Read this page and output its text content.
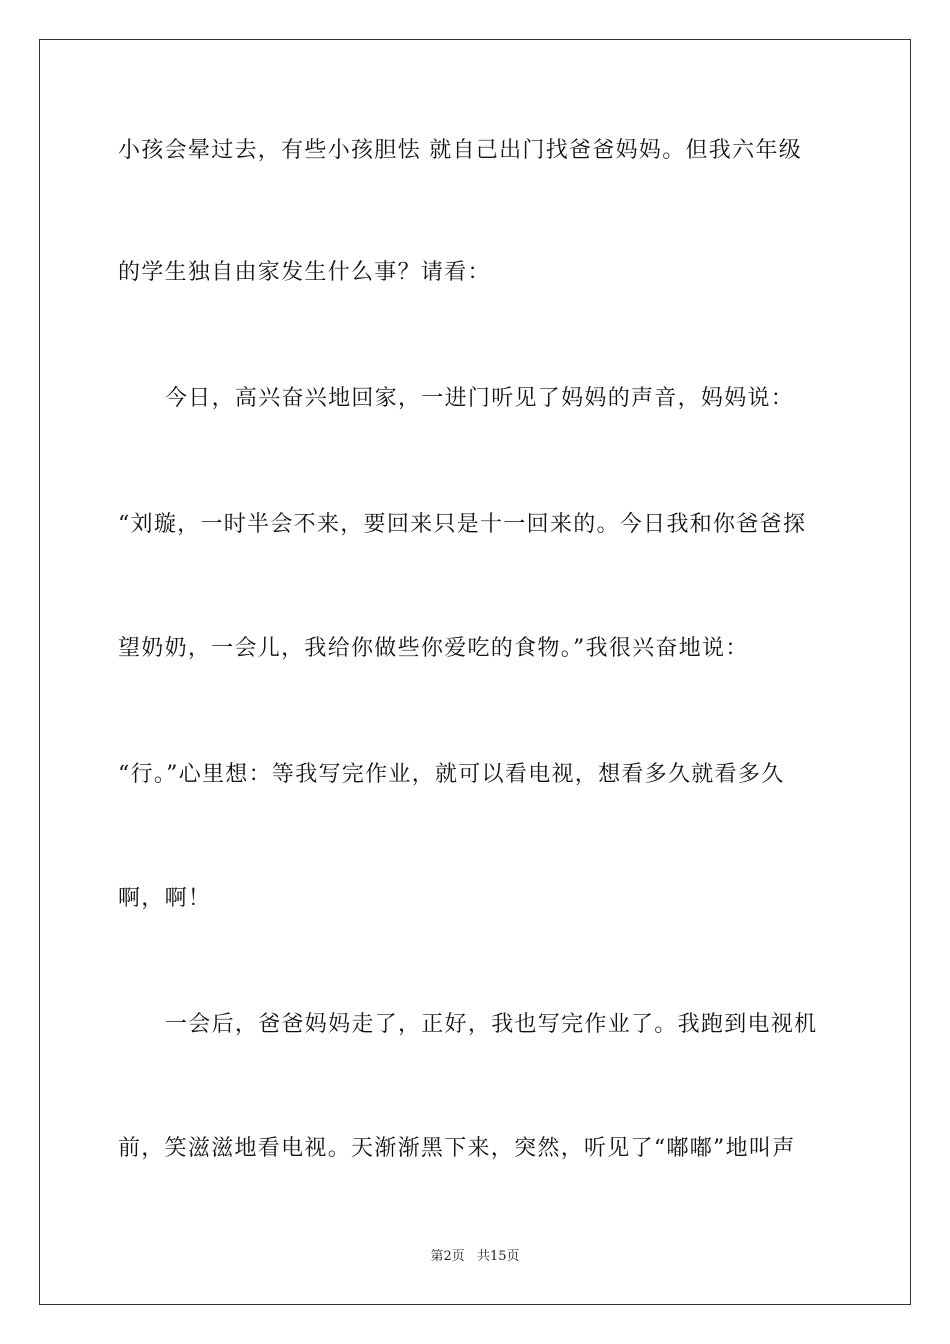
小孩会晕过去，有些小孩胆怯 就自己出门找爸爸妈妈。但我六年级
的学生独自由家发生什么事？请看：
今日，高兴奋兴地回家，一进门听见了妈妈的声音，妈妈说：
“刘璇，一时半会不来，要回来只是十一回来的。今日我和你爸爸探
望奶奶，一会儿，我给你做些你爱吃的食物。”我很兴奋地说：
“行。”心里想：等我写完作业，就可以看电视，想看多久就看多久
啊，啊！
一会后，爸爸妈妈走了，正好，我也写完作业了。我跑到电视机
前，笑滋滋地看电视。天渐渐黑下来，突然，听见了“嘟嘟”地叫声
第2页 共15页
